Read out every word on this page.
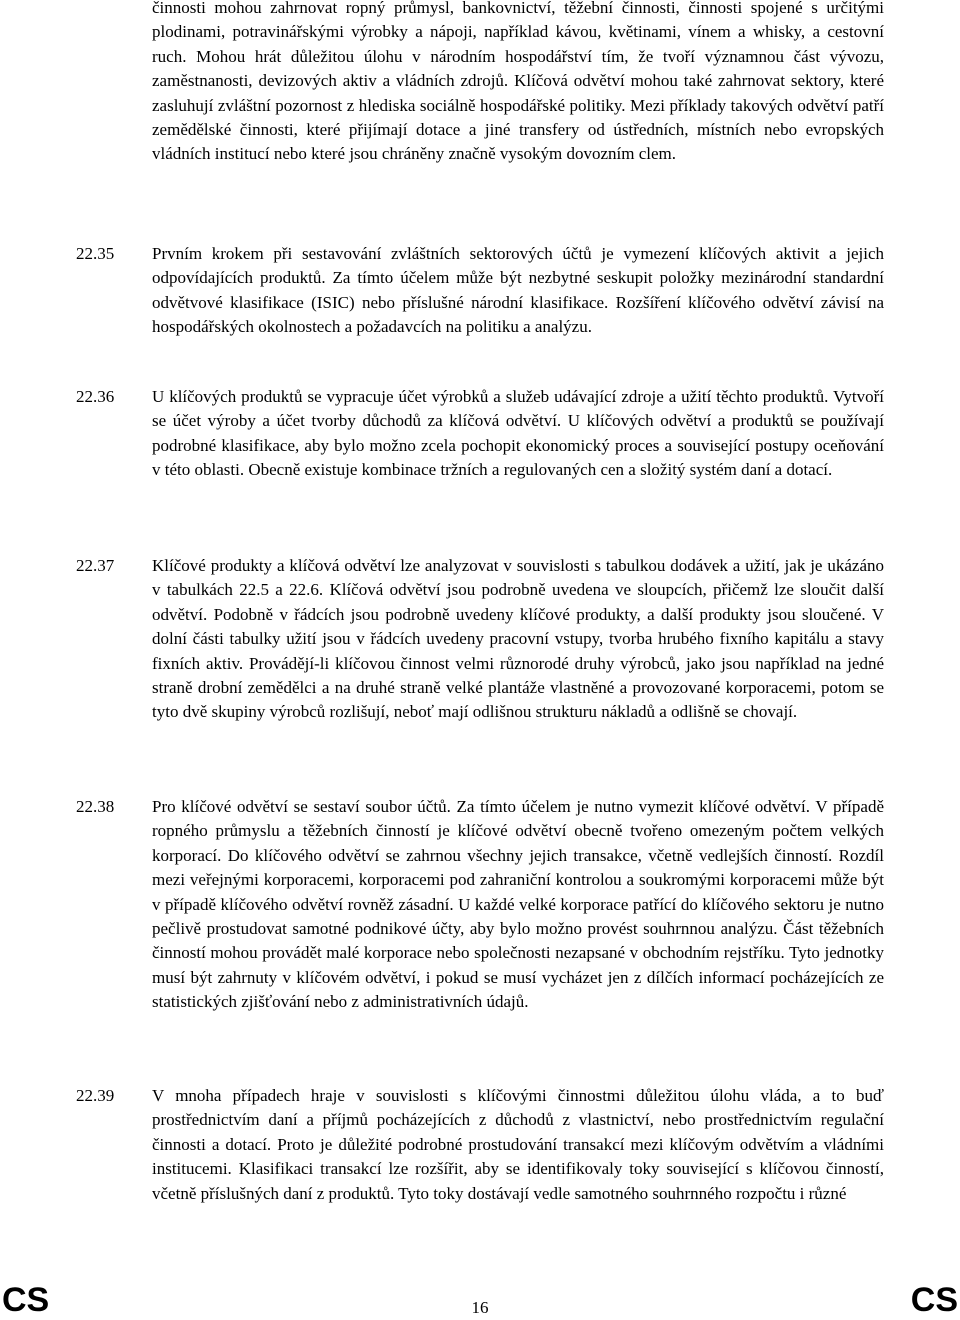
činnosti mohou zahrnovat ropný průmysl, bankovnictví, těžební činnosti, činnosti spojené s určitými plodinami, potravinářskými výrobky a nápoji, například kávou, květinami, vínem a whisky, a cestovní ruch. Mohou hrát důležitou úlohu v národním hospodářství tím, že tvoří významnou část vývozu, zaměstnanosti, devizových aktiv a vládních zdrojů. Klíčová odvětví mohou také zahrnovat sektory, které zasluhují zvláštní pozornost z hlediska sociálně hospodářské politiky. Mezi příklady takových odvětví patří zemědělské činnosti, které přijímají dotace a jiné transfery od ústředních, místních nebo evropských vládních institucí nebo které jsou chráněny značně vysokým dovozním clem.

22.35	Prvním krokem při sestavování zvláštních sektorových účtů je vymezení klíčových aktivit a jejich odpovídajících produktů. Za tímto účelem může být nezbytné seskupit položky mezinárodní standardní odvětvové klasifikace (ISIC) nebo příslušné národní klasifikace. Rozšíření klíčového odvětví závisí na hospodářských okolnostech a požadavcích na politiku a analýzu.

22.36	U klíčových produktů se vypracuje účet výrobků a služeb udávající zdroje a užití těchto produktů. Vytvoří se účet výroby a účet tvorby důchodů za klíčová odvětví. U klíčových odvětví a produktů se používají podrobné klasifikace, aby bylo možno zcela pochopit ekonomický proces a související postupy oceňování v této oblasti. Obecně existuje kombinace tržních a regulovaných cen a složitý systém daní a dotací.

22.37	Klíčové produkty a klíčová odvětví lze analyzovat v souvislosti s tabulkou dodávek a užití, jak je ukázáno v tabulkách 22.5 a 22.6. Klíčová odvětví jsou podrobně uvedena ve sloupcích, přičemž lze sloučit další odvětví. Podobně v řádcích jsou podrobně uvedeny klíčové produkty, a další produkty jsou sloučené. V dolní části tabulky užití jsou v řádcích uvedeny pracovní vstupy, tvorba hrubého fixního kapitálu a stavy fixních aktiv. Provádějí-li klíčovou činnost velmi různorodé druhy výrobců, jako jsou například na jedné straně drobní zemědělci a na druhé straně velké plantáže vlastněné a provozované korporacemi, potom se tyto dvě skupiny výrobců rozlišují, neboť mají odlišnou strukturu nákladů a odlišně se chovají.

22.38	Pro klíčové odvětví se sestaví soubor účtů. Za tímto účelem je nutno vymezit klíčové odvětví. V případě ropného průmyslu a těžebních činností je klíčové odvětví obecně tvořeno omezeným počtem velkých korporací. Do klíčového odvětví se zahrnou všechny jejich transakce, včetně vedlejších činností. Rozdíl mezi veřejnými korporacemi, korporacemi pod zahraniční kontrolou a soukromými korporacemi může být v případě klíčového odvětví rovněž zásadní. U každé velké korporace patřící do klíčového sektoru je nutno pečlivě prostudovat samotné podnikové účty, aby bylo možno provést souhrnnou analýzu. Část těžebních činností mohou provádět malé korporace nebo společnosti nezapsané v obchodním rejstříku. Tyto jednotky musí být zahrnuty v klíčovém odvětví, i pokud se musí vycházet jen z dílčích informací pocházejících ze statistických zjišťování nebo z administrativních údajů.

22.39	V mnoha případech hraje v souvislosti s klíčovými činnostmi důležitou úlohu vláda, a to buď prostřednictvím daní a příjmů pocházejících z důchodů z vlastnictví, nebo prostřednictvím regulační činnosti a dotací. Proto je důležité podrobné prostudování transakcí mezi klíčovým odvětvím a vládními institucemi. Klasifikaci transakcí lze rozšířit, aby se identifikovaly toky související s klíčovou činností, včetně příslušných daní z produktů. Tyto toky dostávají vedle samotného souhrnného rozpočtu i různé

CS	16	CS
